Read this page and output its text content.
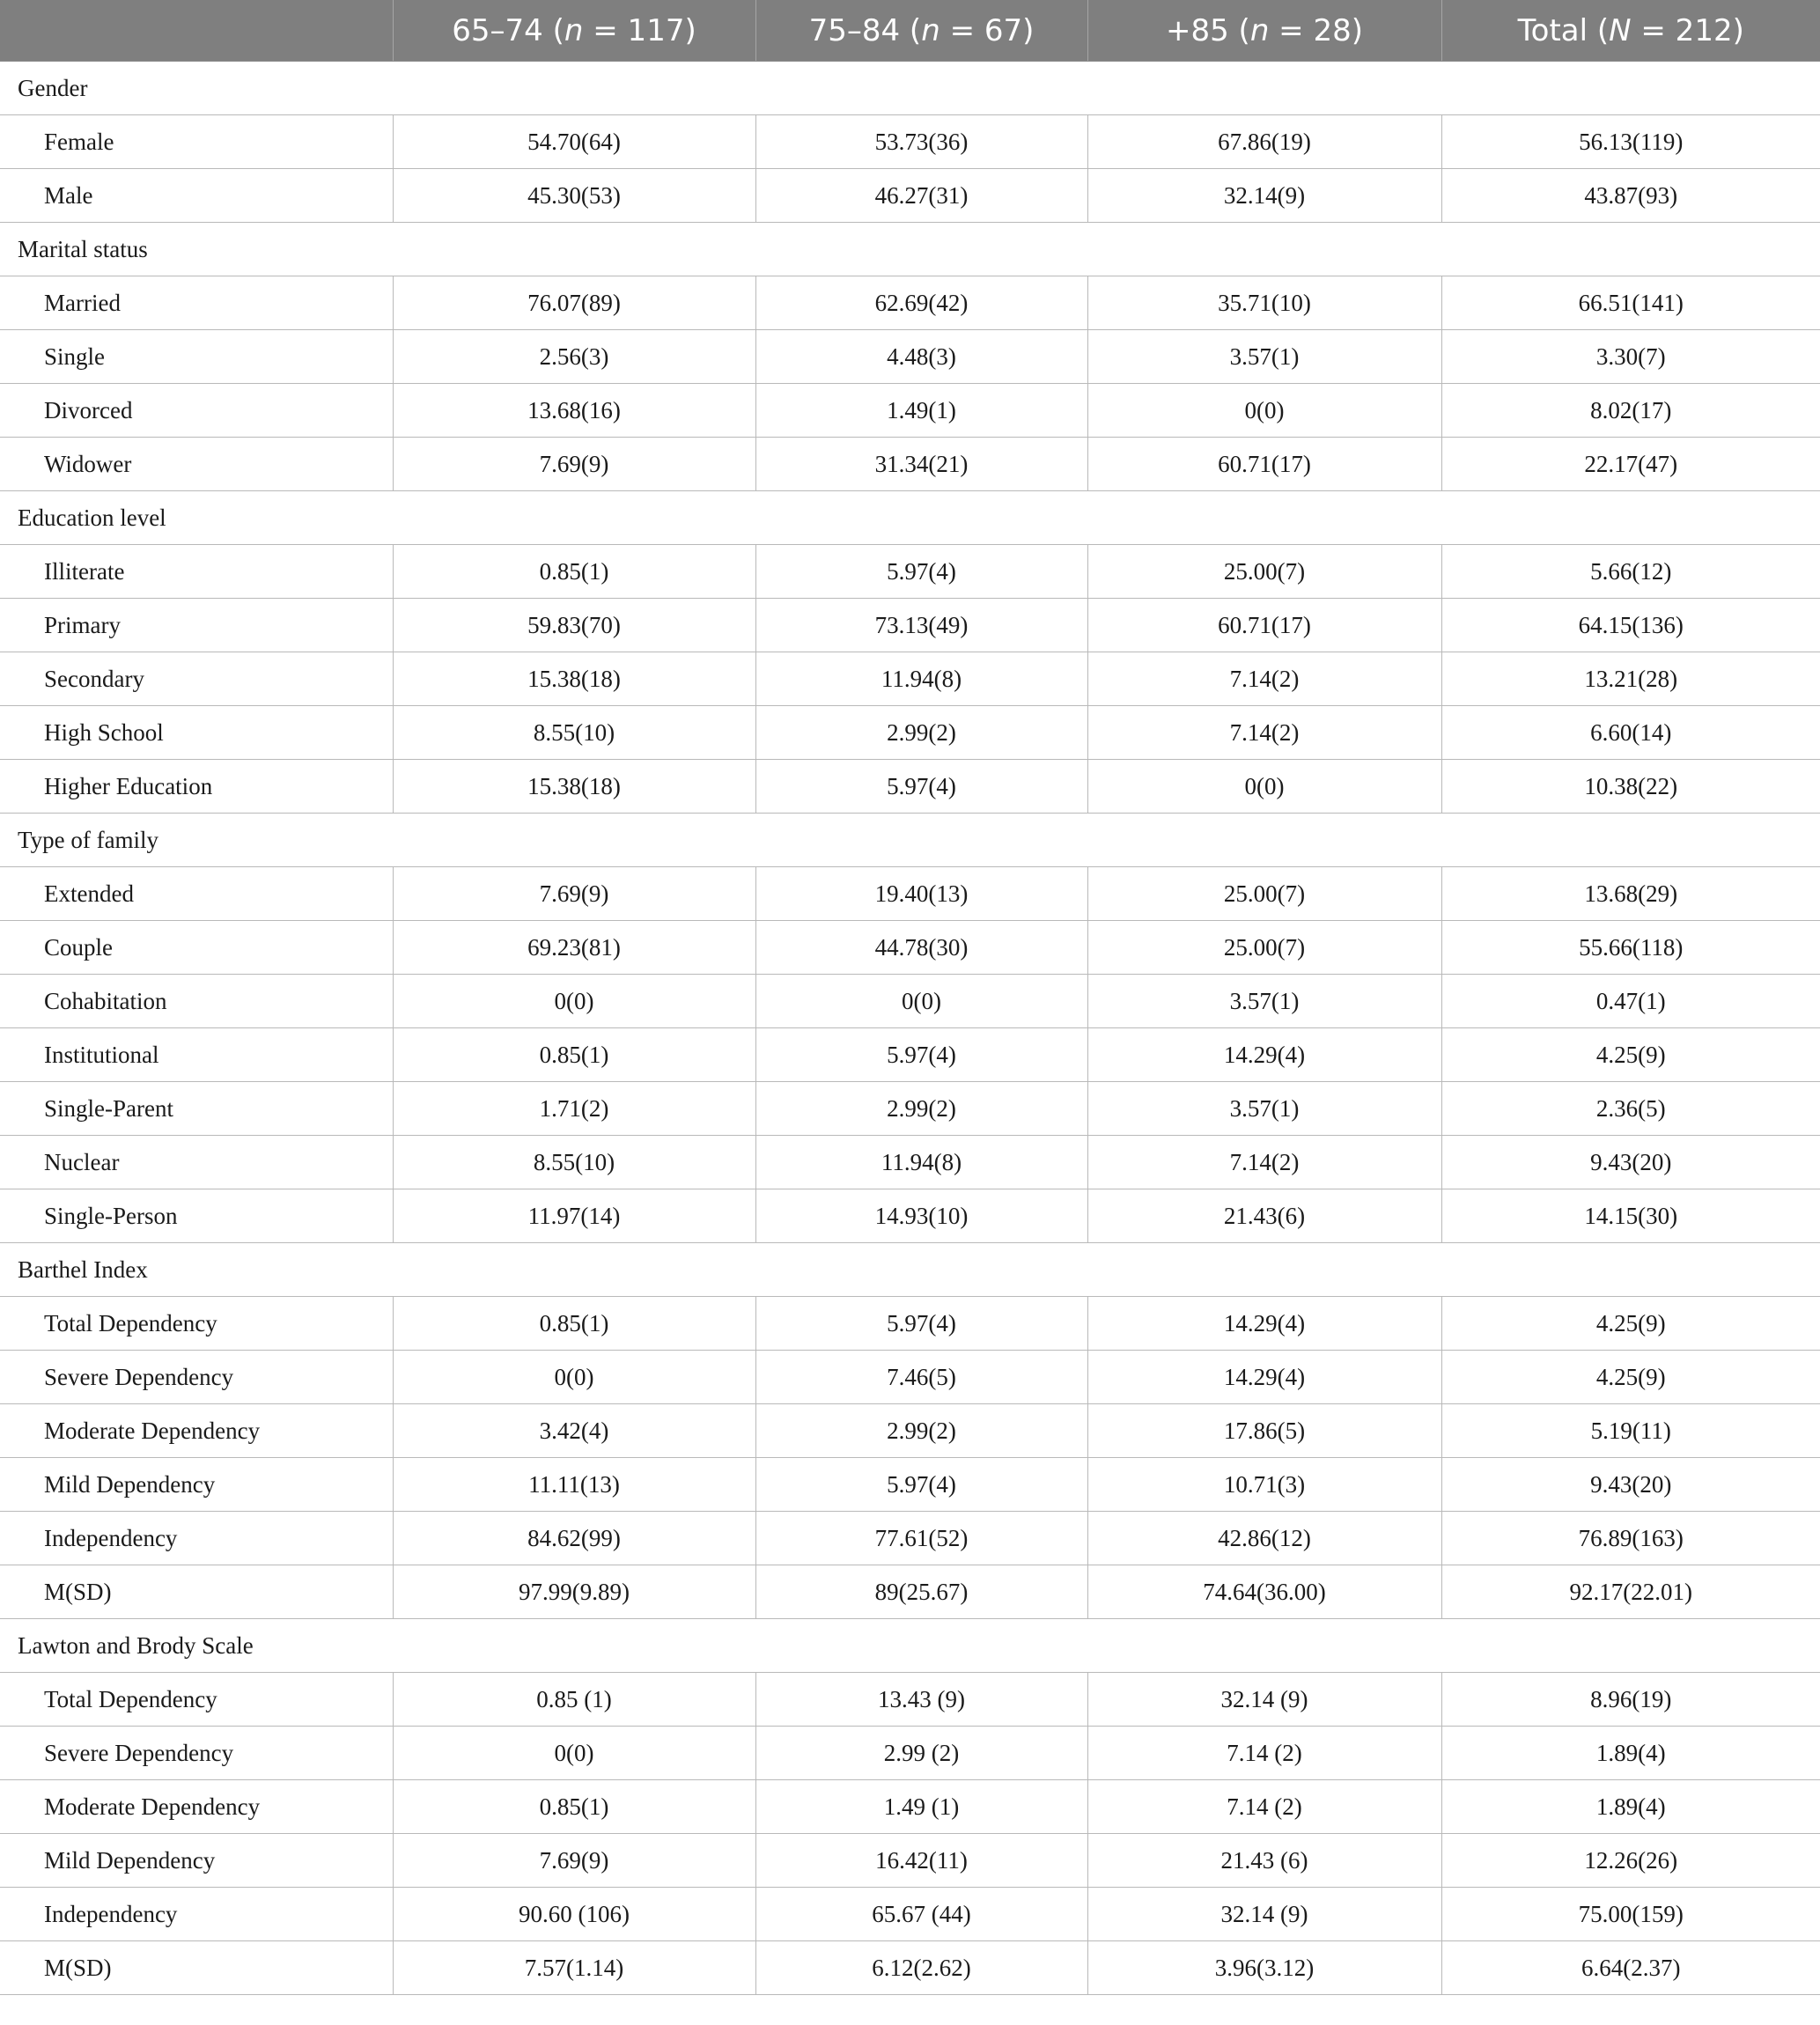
	65–74 (n = 117)	75–84 (n = 67)	+85 (n = 28)	Total (N = 212)
Gender				
Female	54.70(64)	53.73(36)	67.86(19)	56.13(119)
Male	45.30(53)	46.27(31)	32.14(9)	43.87(93)
Marital status				
Married	76.07(89)	62.69(42)	35.71(10)	66.51(141)
Single	2.56(3)	4.48(3)	3.57(1)	3.30(7)
Divorced	13.68(16)	1.49(1)	0(0)	8.02(17)
Widower	7.69(9)	31.34(21)	60.71(17)	22.17(47)
Education level				
Illiterate	0.85(1)	5.97(4)	25.00(7)	5.66(12)
Primary	59.83(70)	73.13(49)	60.71(17)	64.15(136)
Secondary	15.38(18)	11.94(8)	7.14(2)	13.21(28)
High School	8.55(10)	2.99(2)	7.14(2)	6.60(14)
Higher Education	15.38(18)	5.97(4)	0(0)	10.38(22)
Type of family				
Extended	7.69(9)	19.40(13)	25.00(7)	13.68(29)
Couple	69.23(81)	44.78(30)	25.00(7)	55.66(118)
Cohabitation	0(0)	0(0)	3.57(1)	0.47(1)
Institutional	0.85(1)	5.97(4)	14.29(4)	4.25(9)
Single-Parent	1.71(2)	2.99(2)	3.57(1)	2.36(5)
Nuclear	8.55(10)	11.94(8)	7.14(2)	9.43(20)
Single-Person	11.97(14)	14.93(10)	21.43(6)	14.15(30)
Barthel Index				
Total Dependency	0.85(1)	5.97(4)	14.29(4)	4.25(9)
Severe Dependency	0(0)	7.46(5)	14.29(4)	4.25(9)
Moderate Dependency	3.42(4)	2.99(2)	17.86(5)	5.19(11)
Mild Dependency	11.11(13)	5.97(4)	10.71(3)	9.43(20)
Independency	84.62(99)	77.61(52)	42.86(12)	76.89(163)
M(SD)	97.99(9.89)	89(25.67)	74.64(36.00)	92.17(22.01)
Lawton and Brody Scale				
Total Dependency	0.85 (1)	13.43 (9)	32.14 (9)	8.96(19)
Severe Dependency	0(0)	2.99 (2)	7.14 (2)	1.89(4)
Moderate Dependency	0.85(1)	1.49 (1)	7.14 (2)	1.89(4)
Mild Dependency	7.69(9)	16.42(11)	21.43 (6)	12.26(26)
Independency	90.60 (106)	65.67 (44)	32.14 (9)	75.00(159)
M(SD)	7.57(1.14)	6.12(2.62)	3.96(3.12)	6.64(2.37)
